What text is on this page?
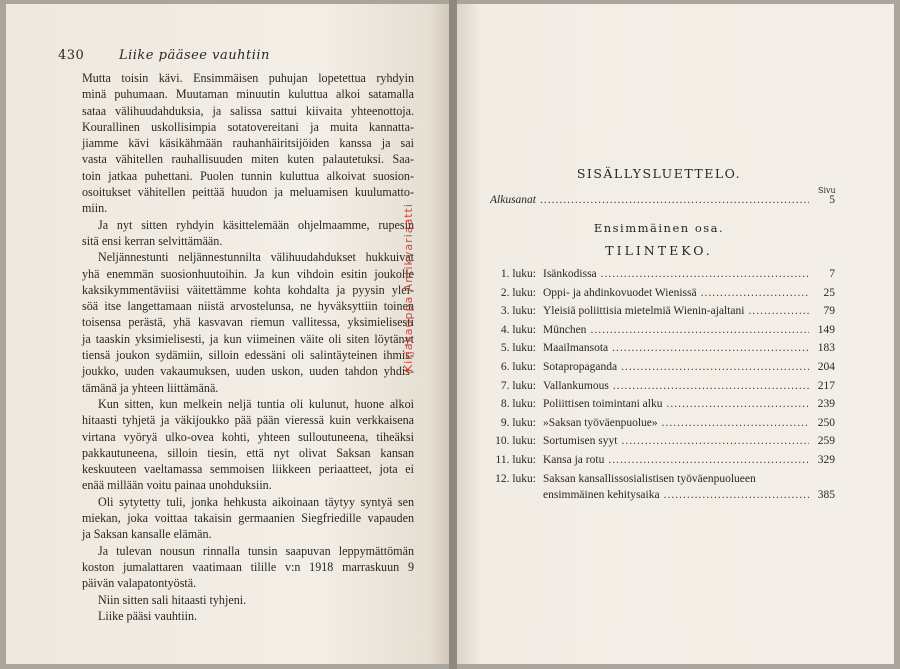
430	Liike pääsee vauhtiin

Mutta toisin kävi. Ensimmäisen puhujan lopetettua ryhdyin

minä puhumaan. Muutaman minuutin kuluttua alkoi satamalla

sataa välihuudahduksia, ja salissa sattui kiivaita yhteenottoja.

Kourallinen uskollisimpia sotatovereitani ja muita kannatta-

jiamme kävi käsikähmään rauhanhäiritsijöiden kanssa ja sai

vasta vähitellen rauhallisuuden miten kuten palautetuksi. Saa-

toin jatkaa puhettani. Puolen tunnin kuluttua alkoivat suosion-

osoitukset vähitellen peittää huudon ja meluamisen kuulumatto-

miin.

Ja nyt sitten ryhdyin käsittelemään ohjelmaamme, rupesin

sitä ensi kerran selvittämään.

Neljännestunti neljännestunnilta välihuudahdukset hukkuivat

yhä enemmän suosionhuutoihin. Ja kun vihdoin esitin joukolle

kaksikymmentäviisi väitettämme kohta kohdalta ja pyysin ylei-

söä itse langettamaan niistä arvostelunsa, ne hyväksyttiin toinen

toisensa perästä, yhä kasvavan riemun vallitessa, yksimielisesti

ja taaskin yksimielisesti, ja kun viimeinen väite oli siten löytänyt

tiensä joukon sydämiin, silloin edessäni oli salintäyteinen ihmis-

joukko, uuden vakaumuksen, uuden uskon, uuden tahdon yhdis-

tämänä ja yhteen liittämänä.

Kun sitten, kun melkein neljä tuntia oli kulunut, huone alkoi

hitaasti tyhjetä ja väkijoukko pää pään vieressä kuin verkkaisena

virtana vyöryä ulko-ovea kohti, yhteen sulloutuneena, tiheäksi

pakkautuneena, silloin tiesin, että nyt olivat Saksan kansan

keskuuteen vaeltamassa semmoisen liikkeen periaatteet, jota ei

enää millään voitu painaa unohduksiin.

Oli sytytetty tuli, jonka hehkusta aikoinaan täytyy syntyä sen

miekan, joka voittaa takaisin germaanien Siegfriedille vapauden

ja Saksan kansalle elämän.

Ja tulevan nousun rinnalla tunsin saapuvan leppymättömän

koston jumalattaren vaatimaan tilille v:n 1918 marraskuun 9

päivän valapatontyöstä.

Niin sitten sali hitaasti tyhjeni.

Liike pääsi vauhtiin.

Kirjakauppa Antikvariaatti
SISÄLLYSLUETTELO.
Sivu
Alkusanat .....	5
Ensimmäinen osa.
TILINTEKO.
1. luku: Isänkodissa .....	7
2. luku: Oppi- ja ahdinkovuodet Wienissä .....	25
3. luku: Yleisiä poliittisia mietelmiä Wienin-ajaltani .....	79
4. luku: München .....	149
5. luku: Maailmansota .....	183
6. luku: Sotapropaganda .....	204
7. luku: Vallankumous .....	217
8. luku: Poliittisen toimintani alku .....	239
9. luku: »Saksan työväenpuolue» .....	250
10. luku: Sortumisen syyt .....	259
11. luku: Kansa ja rotu .....	329
12. luku: Saksan kansallissosialistisen työväenpuolueen
ensimmäinen kehitysaika .....	385
